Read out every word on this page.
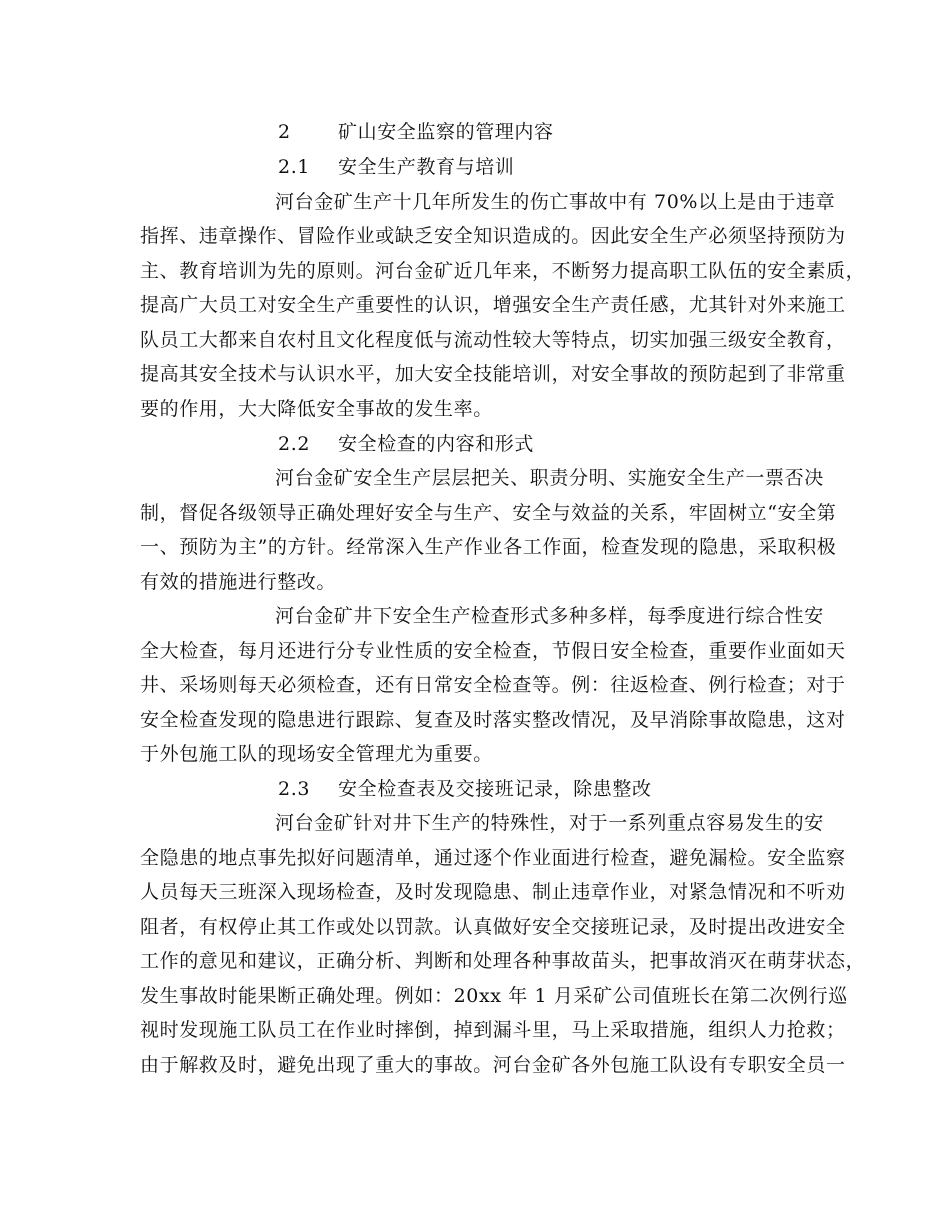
2 矿山安全监察的管理内容
2.1 安全生产教育与培训
河台金矿生产十几年所发生的伤亡事故中有 70%以上是由于违章
指挥、违章操作、冒险作业或缺乏安全知识造成的。因此安全生产必须坚持预防为
主、教育培训为先的原则。河台金矿近几年来，不断努力提高职工队伍的安全素质，
提高广大员工对安全生产重要性的认识，增强安全生产责任感，尤其针对外来施工
队员工大都来自农村且文化程度低与流动性较大等特点，切实加强三级安全教育，
提高其安全技术与认识水平，加大安全技能培训，对安全事故的预防起到了非常重
要的作用，大大降低安全事故的发生率。
2.2 安全检查的内容和形式
河台金矿安全生产层层把关、职责分明、实施安全生产一票否决
制，督促各级领导正确处理好安全与生产、安全与效益的关系，牢固树立“安全第
一、预防为主”的方针。经常深入生产作业各工作面，检查发现的隐患，采取积极
有效的措施进行整改。
河台金矿井下安全生产检查形式多种多样，每季度进行综合性安
全大检查，每月还进行分专业性质的安全检查，节假日安全检查，重要作业面如天
井、采场则每天必须检查，还有日常安全检查等。例：往返检查、例行检查；对于
安全检查发现的隐患进行跟踪、复查及时落实整改情况，及早消除事故隐患，这对
于外包施工队的现场安全管理尤为重要。
2.3 安全检查表及交接班记录，除患整改
河台金矿针对井下生产的特殊性，对于一系列重点容易发生的安
全隐患的地点事先拟好问题清单，通过逐个作业面进行检查，避免漏检。安全监察
人员每天三班深入现场检查，及时发现隐患、制止违章作业，对紧急情况和不听劝
阻者，有权停止其工作或处以罚款。认真做好安全交接班记录，及时提出改进安全
工作的意见和建议，正确分析、判断和处理各种事故苗头，把事故消灭在萌芽状态，
发生事故时能果断正确处理。例如：20xx 年 1 月采矿公司值班长在第二次例行巡
视时发现施工队员工在作业时摔倒，掉到漏斗里，马上采取措施，组织人力抢救；
由于解救及时，避免出现了重大的事故。河台金矿各外包施工队设有专职安全员一
